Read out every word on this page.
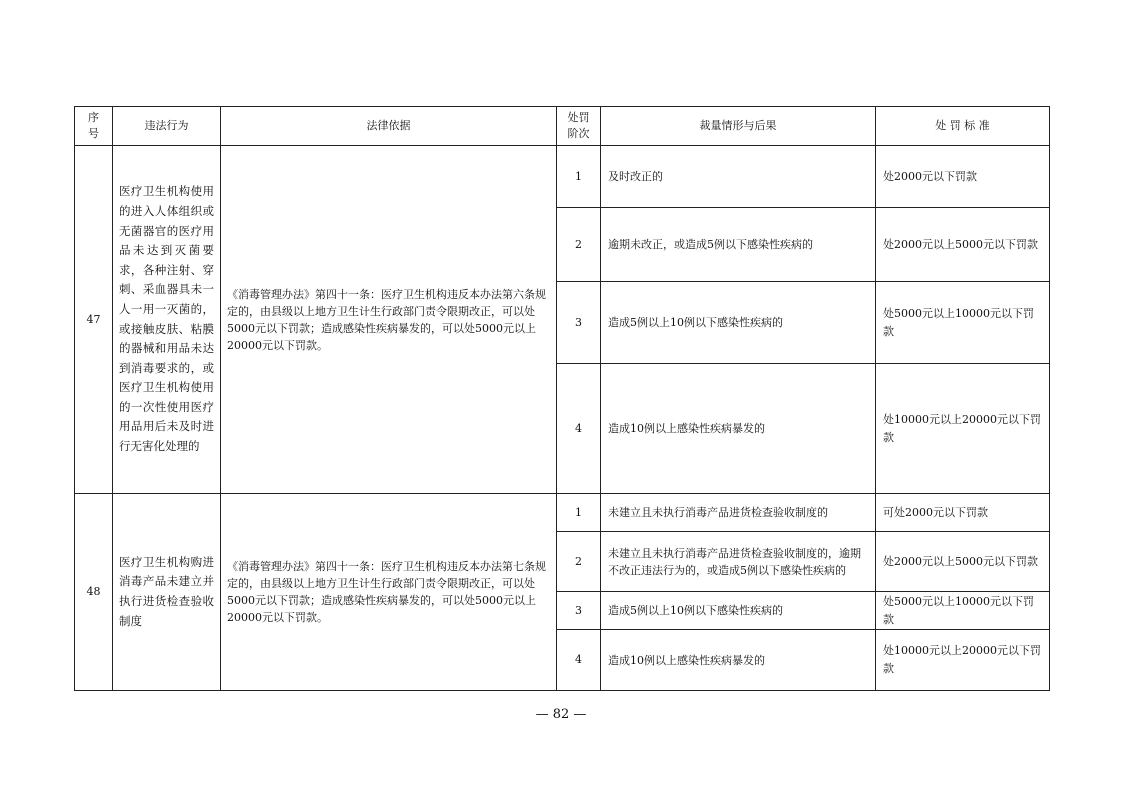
序号	违法行为	法律依据	处罚阶次	裁量情形与后果	处 罚 标 准
47	医疗卫生机构使用的进入人体组织或无菌器官的医疗用品未达到灭菌要求，各种注射、穿刺、采血器具未一人一用一灭菌的，或接触皮肤、粘膜的器械和用品未达到消毒要求的，或医疗卫生机构使用的一次性使用医疗用品用后未及时进行无害化处理的	《消毒管理办法》第四十一条：医疗卫生机构违反本办法第六条规定的，由县级以上地方卫生计生行政部门责令限期改正，可以处5000元以下罚款；造成感染性疾病暴发的，可以处5000元以上20000元以下罚款。	1	及时改正的	处2000元以下罚款
			2	逾期未改正，或造成5例以下感染性疾病的	处2000元以上5000元以下罚款
			3	造成5例以上10例以下感染性疾病的	处5000元以上10000元以下罚款
			4	造成10例以上感染性疾病暴发的	处10000元以上20000元以下罚款
48	医疗卫生机构购进消毒产品未建立并执行进货检查验收制度	《消毒管理办法》第四十一条：医疗卫生机构违反本办法第七条规定的，由县级以上地方卫生计生行政部门责令限期改正，可以处5000元以下罚款；造成感染性疾病暴发的，可以处5000元以上20000元以下罚款。	1	未建立且未执行消毒产品进货检查验收制度的	可处2000元以下罚款
			2	未建立且未执行消毒产品进货检查验收制度的，逾期不改正违法行为的，或造成5例以下感染性疾病的	处2000元以上5000元以下罚款
			3	造成5例以上10例以下感染性疾病的	处5000元以上10000元以下罚款
			4	造成10例以上感染性疾病暴发的	处10000元以上20000元以下罚款
— 82 —
